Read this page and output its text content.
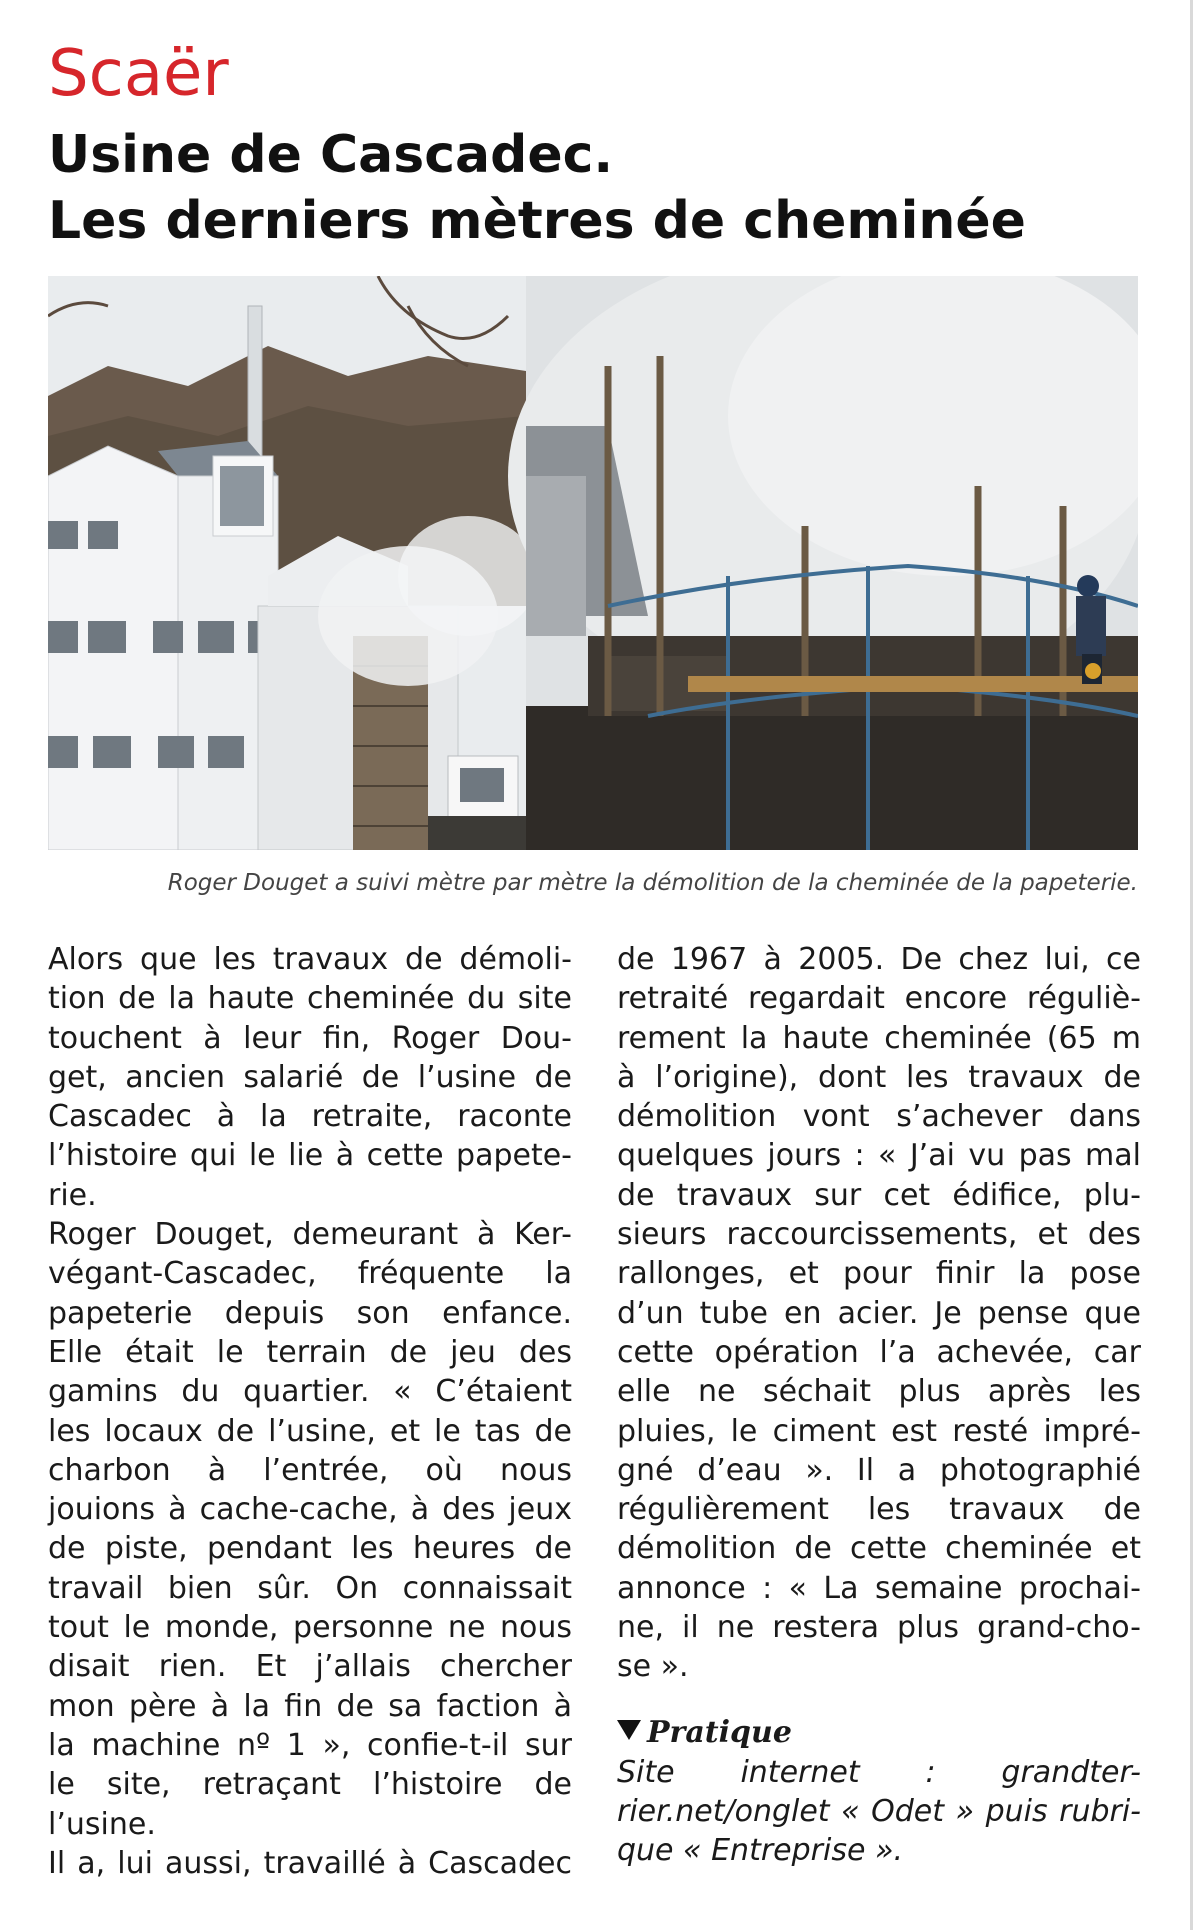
Scaër
Usine de Cascadec.
Les derniers mètres de cheminée
Roger Douget a suivi mètre par mètre la démolition de la cheminée de la papeterie.
Alors que les travaux de démoli-
tion de la haute cheminée du site
touchent à leur fin, Roger Dou-
get, ancien salarié de l’usine de
Cascadec à la retraite, raconte
l’histoire qui le lie à cette papete-
rie.
Roger Douget, demeurant à Ker-
végant-Cascadec, fréquente la
papeterie depuis son enfance.
Elle était le terrain de jeu des
gamins du quartier. « C’étaient
les locaux de l’usine, et le tas de
charbon à l’entrée, où nous
jouions à cache-cache, à des jeux
de piste, pendant les heures de
travail bien sûr. On connaissait
tout le monde, personne ne nous
disait rien. Et j’allais chercher
mon père à la fin de sa faction à
la machine nº 1 », confie-t-il sur
le site, retraçant l’histoire de
l’usine.
Il a, lui aussi, travaillé à Cascadec
de 1967 à 2005. De chez lui, ce
retraité regardait encore réguliè-
rement la haute cheminée (65 m
à l’origine), dont les travaux de
démolition vont s’achever dans
quelques jours : « J’ai vu pas mal
de travaux sur cet édifice, plu-
sieurs raccourcissements, et des
rallonges, et pour finir la pose
d’un tube en acier. Je pense que
cette opération l’a achevée, car
elle ne séchait plus après les
pluies, le ciment est resté impré-
gné d’eau ». Il a photographié
régulièrement les travaux de
démolition de cette cheminée et
annonce : « La semaine prochai-
ne, il ne restera plus grand-cho-
se ».
Pratique
Site internet : grandter-
rier.net/onglet « Odet » puis rubri-
que « Entreprise ».
